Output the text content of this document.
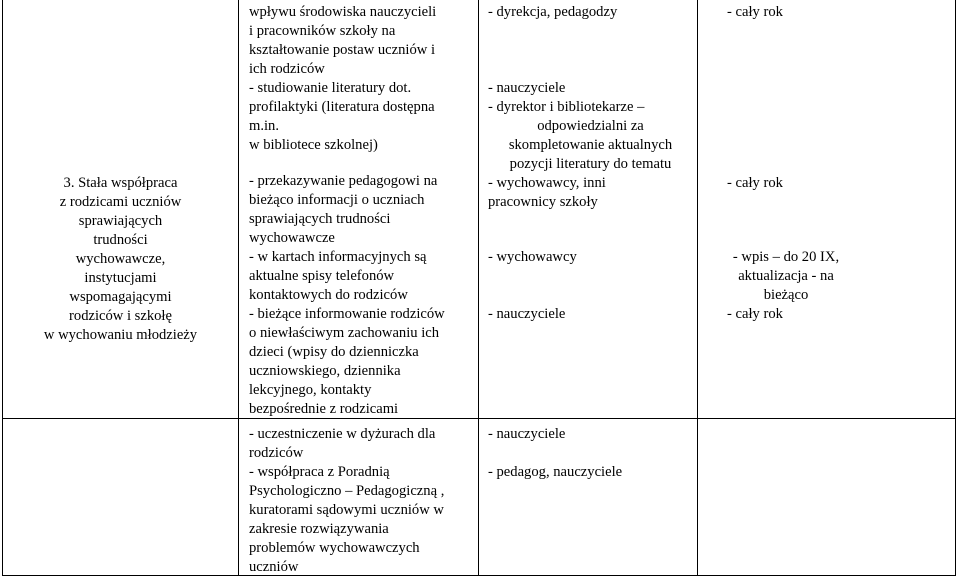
3. Stała współpraca
z rodzicami uczniów
sprawiających
trudności
wychowawcze,
instytucjami
wspomagającymi
rodziców i szkołę
w wychowaniu młodzieży
wpływu środowiska nauczycieli
i pracowników szkoły na
kształtowanie postaw uczniów i
ich rodziców
- studiowanie literatury dot.
profilaktyki (literatura dostępna
m.in.
w bibliotece szkolnej)
- przekazywanie pedagogowi na
bieżąco informacji o uczniach
sprawiających trudności
wychowawcze
- w kartach informacyjnych są
aktualne spisy telefonów
kontaktowych do rodziców
- bieżące informowanie rodziców
o niewłaściwym zachowaniu ich
dzieci (wpisy do dzienniczka
uczniowskiego, dziennika
lekcyjnego, kontakty
bezpośrednie z rodzicami
- uczestniczenie w dyżurach dla
rodziców
- współpraca z Poradnią
Psychologiczno – Pedagogiczną ,
kuratorami sądowymi uczniów w
zakresie rozwiązywania
problemów wychowawczych
uczniów
- dyrekcja, pedagodzy
- nauczyciele
- dyrektor i bibliotekarze –
odpowiedzialni za
skompletowanie aktualnych
pozycji literatury do tematu
- wychowawcy, inni
pracownicy szkoły
- wychowawcy
- nauczyciele
- nauczyciele
- pedagog, nauczyciele
- cały rok
- cały rok
- wpis – do 20 IX,
aktualizacja - na
bieżąco
- cały rok
